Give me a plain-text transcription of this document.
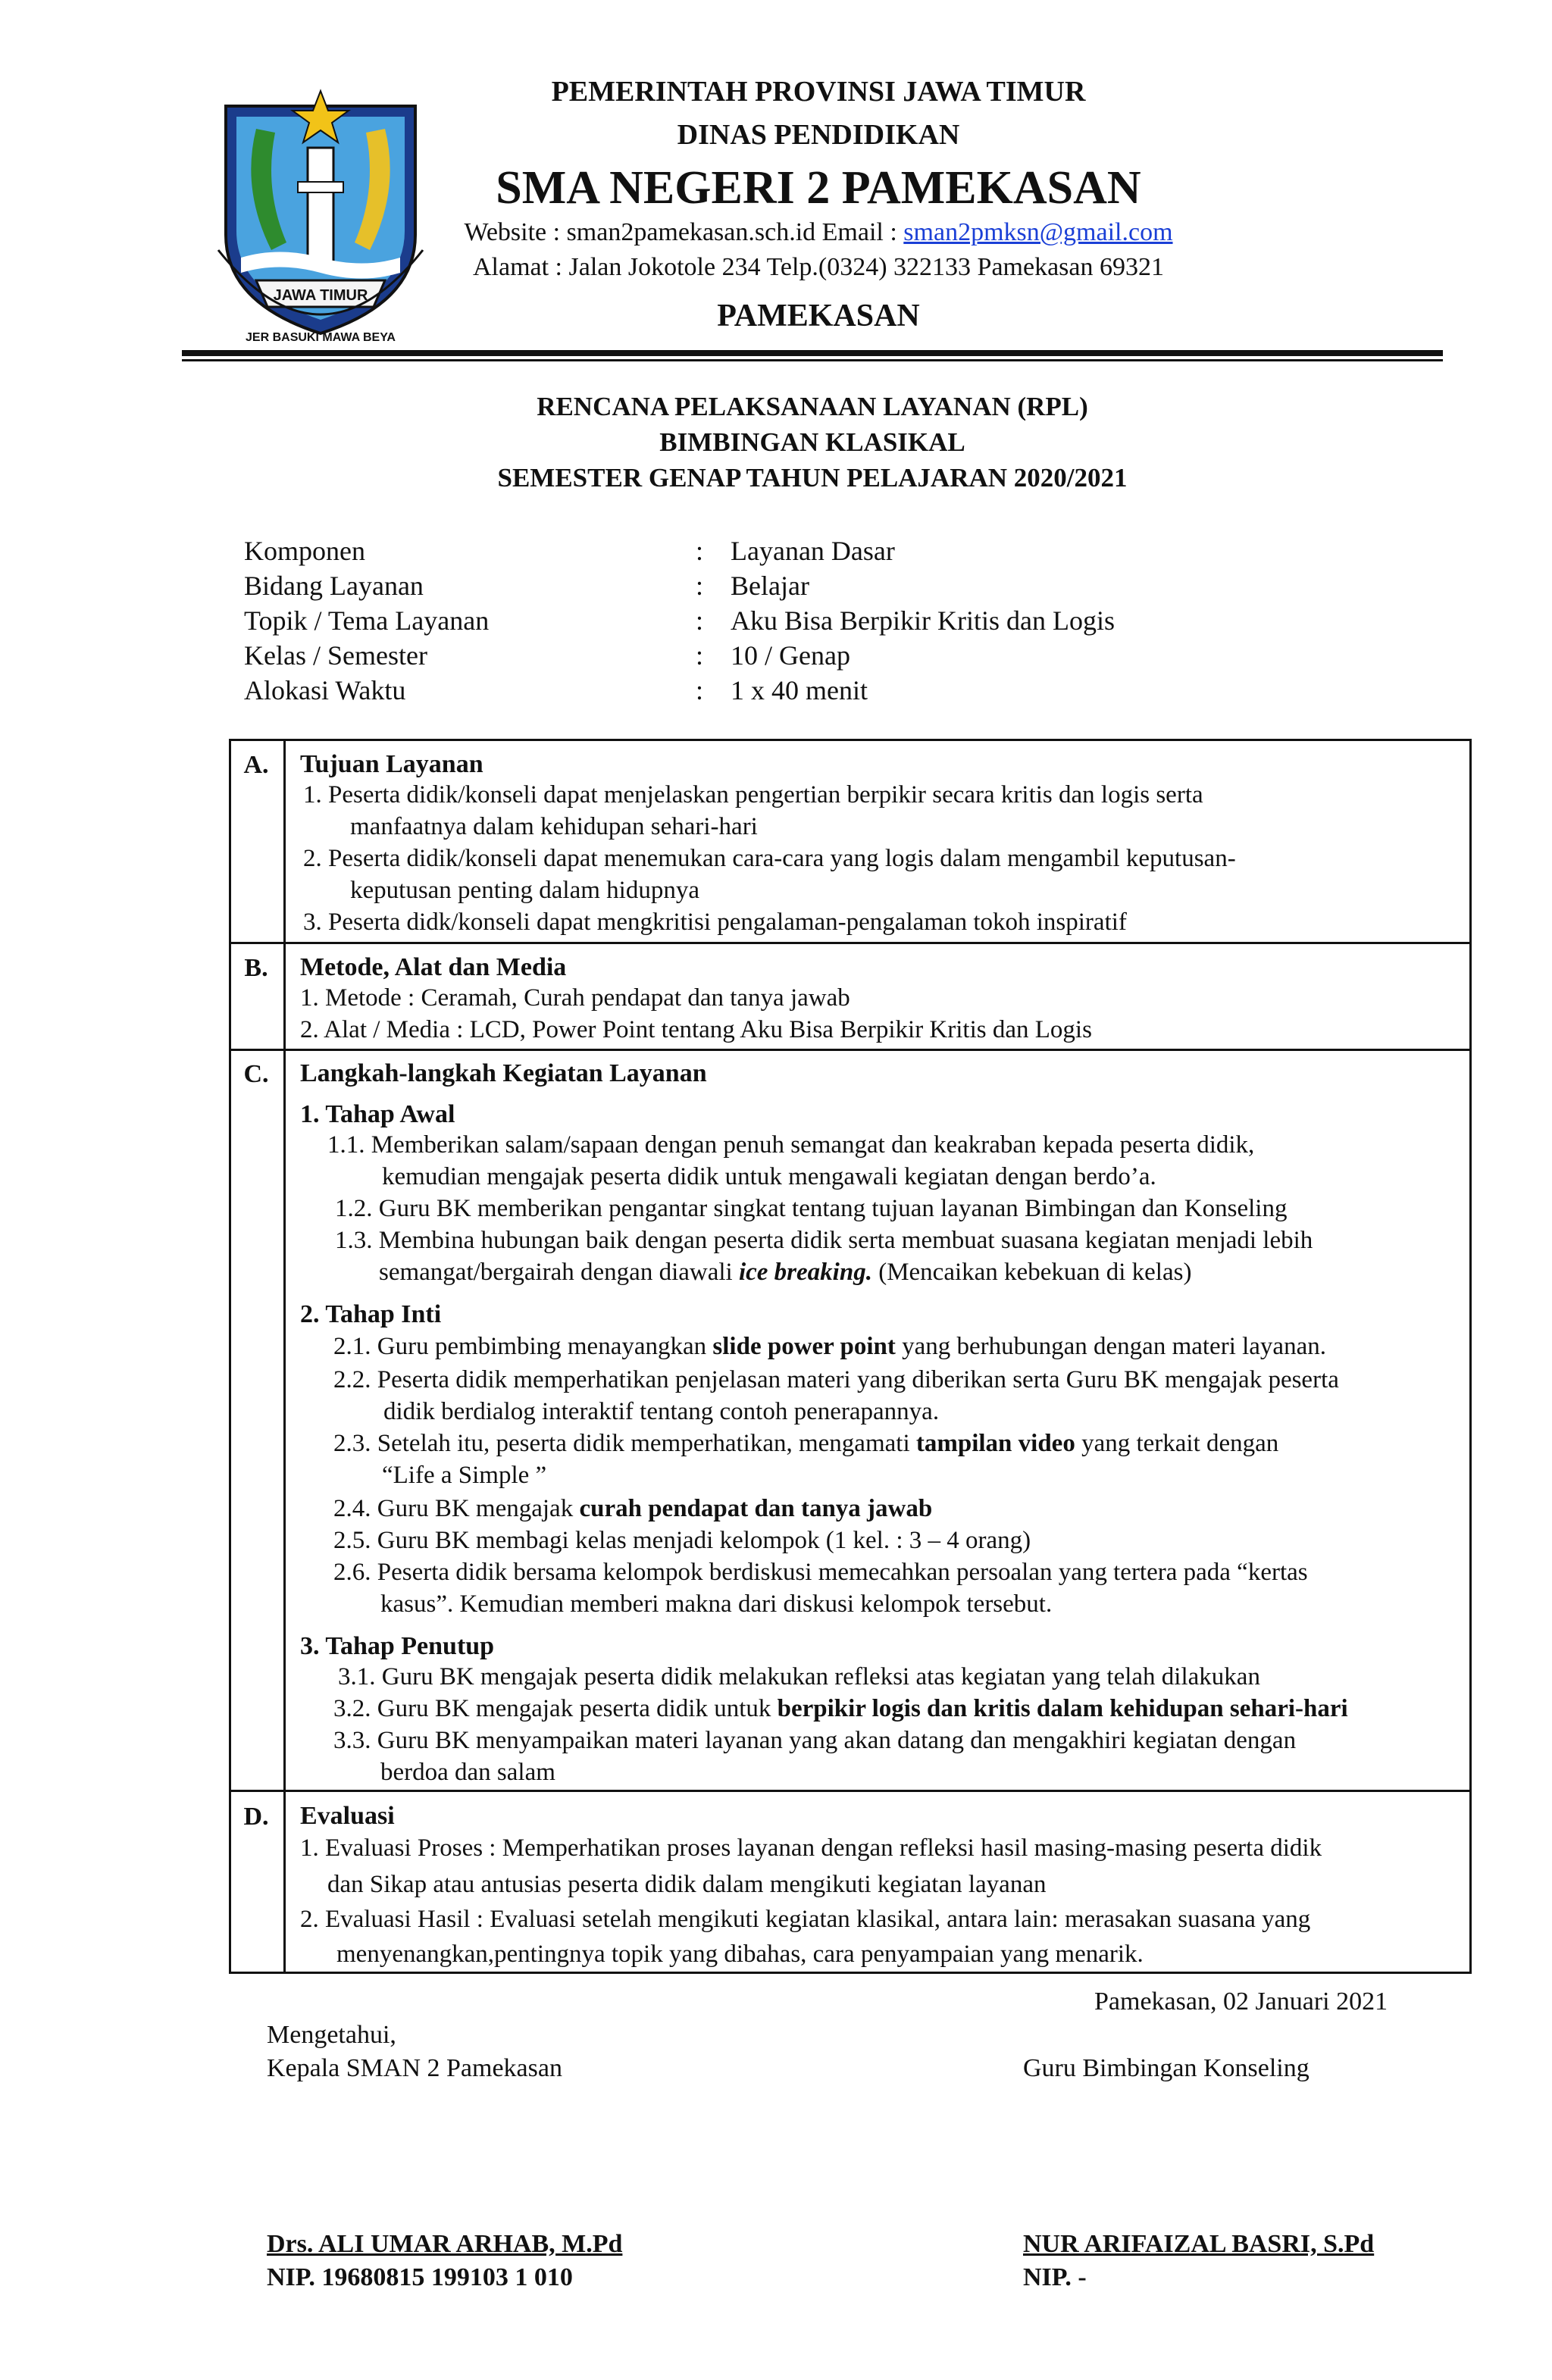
JAWA TIMUR
JER BASUKI MAWA BEYA
PEMERINTAH PROVINSI JAWA TIMUR
DINAS PENDIDIKAN
SMA NEGERI 2 PAMEKASAN
Website : sman2pamekasan.sch.id Email : sman2pmksn@gmail.com
Alamat : Jalan Jokotole 234 Telp.(0324) 322133 Pamekasan 69321
PAMEKASAN
RENCANA PELAKSANAAN LAYANAN (RPL)
BIMBINGAN KLASIKAL
SEMESTER GENAP TAHUN PELAJARAN 2020/2021
Komponen	: Layanan Dasar
Bidang Layanan	: Belajar
Topik / Tema Layanan	: Aku Bisa Berpikir Kritis dan Logis
Kelas / Semester	: 10 / Genap
Alokasi Waktu	: 1 x 40 menit
A.	Tujuan Layanan
1. Peserta didik/konseli dapat menjelaskan pengertian berpikir secara kritis dan logis serta
manfaatnya dalam kehidupan sehari-hari
2. Peserta didik/konseli dapat menemukan cara-cara yang logis dalam mengambil keputusan-
keputusan penting dalam hidupnya
3. Peserta didk/konseli dapat mengkritisi pengalaman-pengalaman tokoh inspiratif
B.	Metode, Alat dan Media
1. Metode : Ceramah, Curah pendapat dan tanya jawab
2. Alat / Media : LCD, Power Point tentang Aku Bisa Berpikir Kritis dan Logis
C.	Langkah-langkah Kegiatan Layanan
1. Tahap Awal
1.1. Memberikan salam/sapaan dengan penuh semangat dan keakraban kepada peserta didik,
kemudian mengajak peserta didik untuk mengawali kegiatan dengan berdo’a.
1.2. Guru BK memberikan pengantar singkat tentang tujuan layanan Bimbingan dan Konseling
1.3. Membina hubungan baik dengan peserta didik serta membuat suasana kegiatan menjadi lebih
semangat/bergairah dengan diawali ice breaking. (Mencaikan kebekuan di kelas)
2. Tahap Inti
2.1. Guru pembimbing menayangkan slide power point yang berhubungan dengan materi layanan.
2.2. Peserta didik memperhatikan penjelasan materi yang diberikan serta Guru BK mengajak peserta
didik berdialog interaktif tentang contoh penerapannya.
2.3. Setelah itu, peserta didik memperhatikan, mengamati tampilan video yang terkait dengan
“Life a Simple ”
2.4. Guru BK mengajak curah pendapat dan tanya jawab
2.5. Guru BK membagi kelas menjadi kelompok (1 kel. : 3 – 4 orang)
2.6. Peserta didik bersama kelompok berdiskusi memecahkan persoalan yang tertera pada “kertas
kasus”. Kemudian memberi makna dari diskusi kelompok tersebut.
3. Tahap Penutup
3.1. Guru BK mengajak peserta didik melakukan refleksi atas kegiatan yang telah dilakukan
3.2. Guru BK mengajak peserta didik untuk berpikir logis dan kritis dalam kehidupan sehari-hari
3.3. Guru BK menyampaikan materi layanan yang akan datang dan mengakhiri kegiatan dengan
berdoa dan salam
D.	Evaluasi
1. Evaluasi Proses : Memperhatikan proses layanan dengan refleksi hasil masing-masing peserta didik
dan Sikap atau antusias peserta didik dalam mengikuti kegiatan layanan
2. Evaluasi Hasil : Evaluasi setelah mengikuti kegiatan klasikal, antara lain: merasakan suasana yang
menyenangkan,pentingnya topik yang dibahas, cara penyampaian yang menarik.
Pamekasan, 02 Januari 2021
Mengetahui,
Kepala SMAN 2 Pamekasan	Guru Bimbingan Konseling
Drs. ALI UMAR ARHAB, M.Pd
NIP. 19680815 199103 1 010
NUR ARIFAIZAL BASRI, S.Pd
NIP. -
